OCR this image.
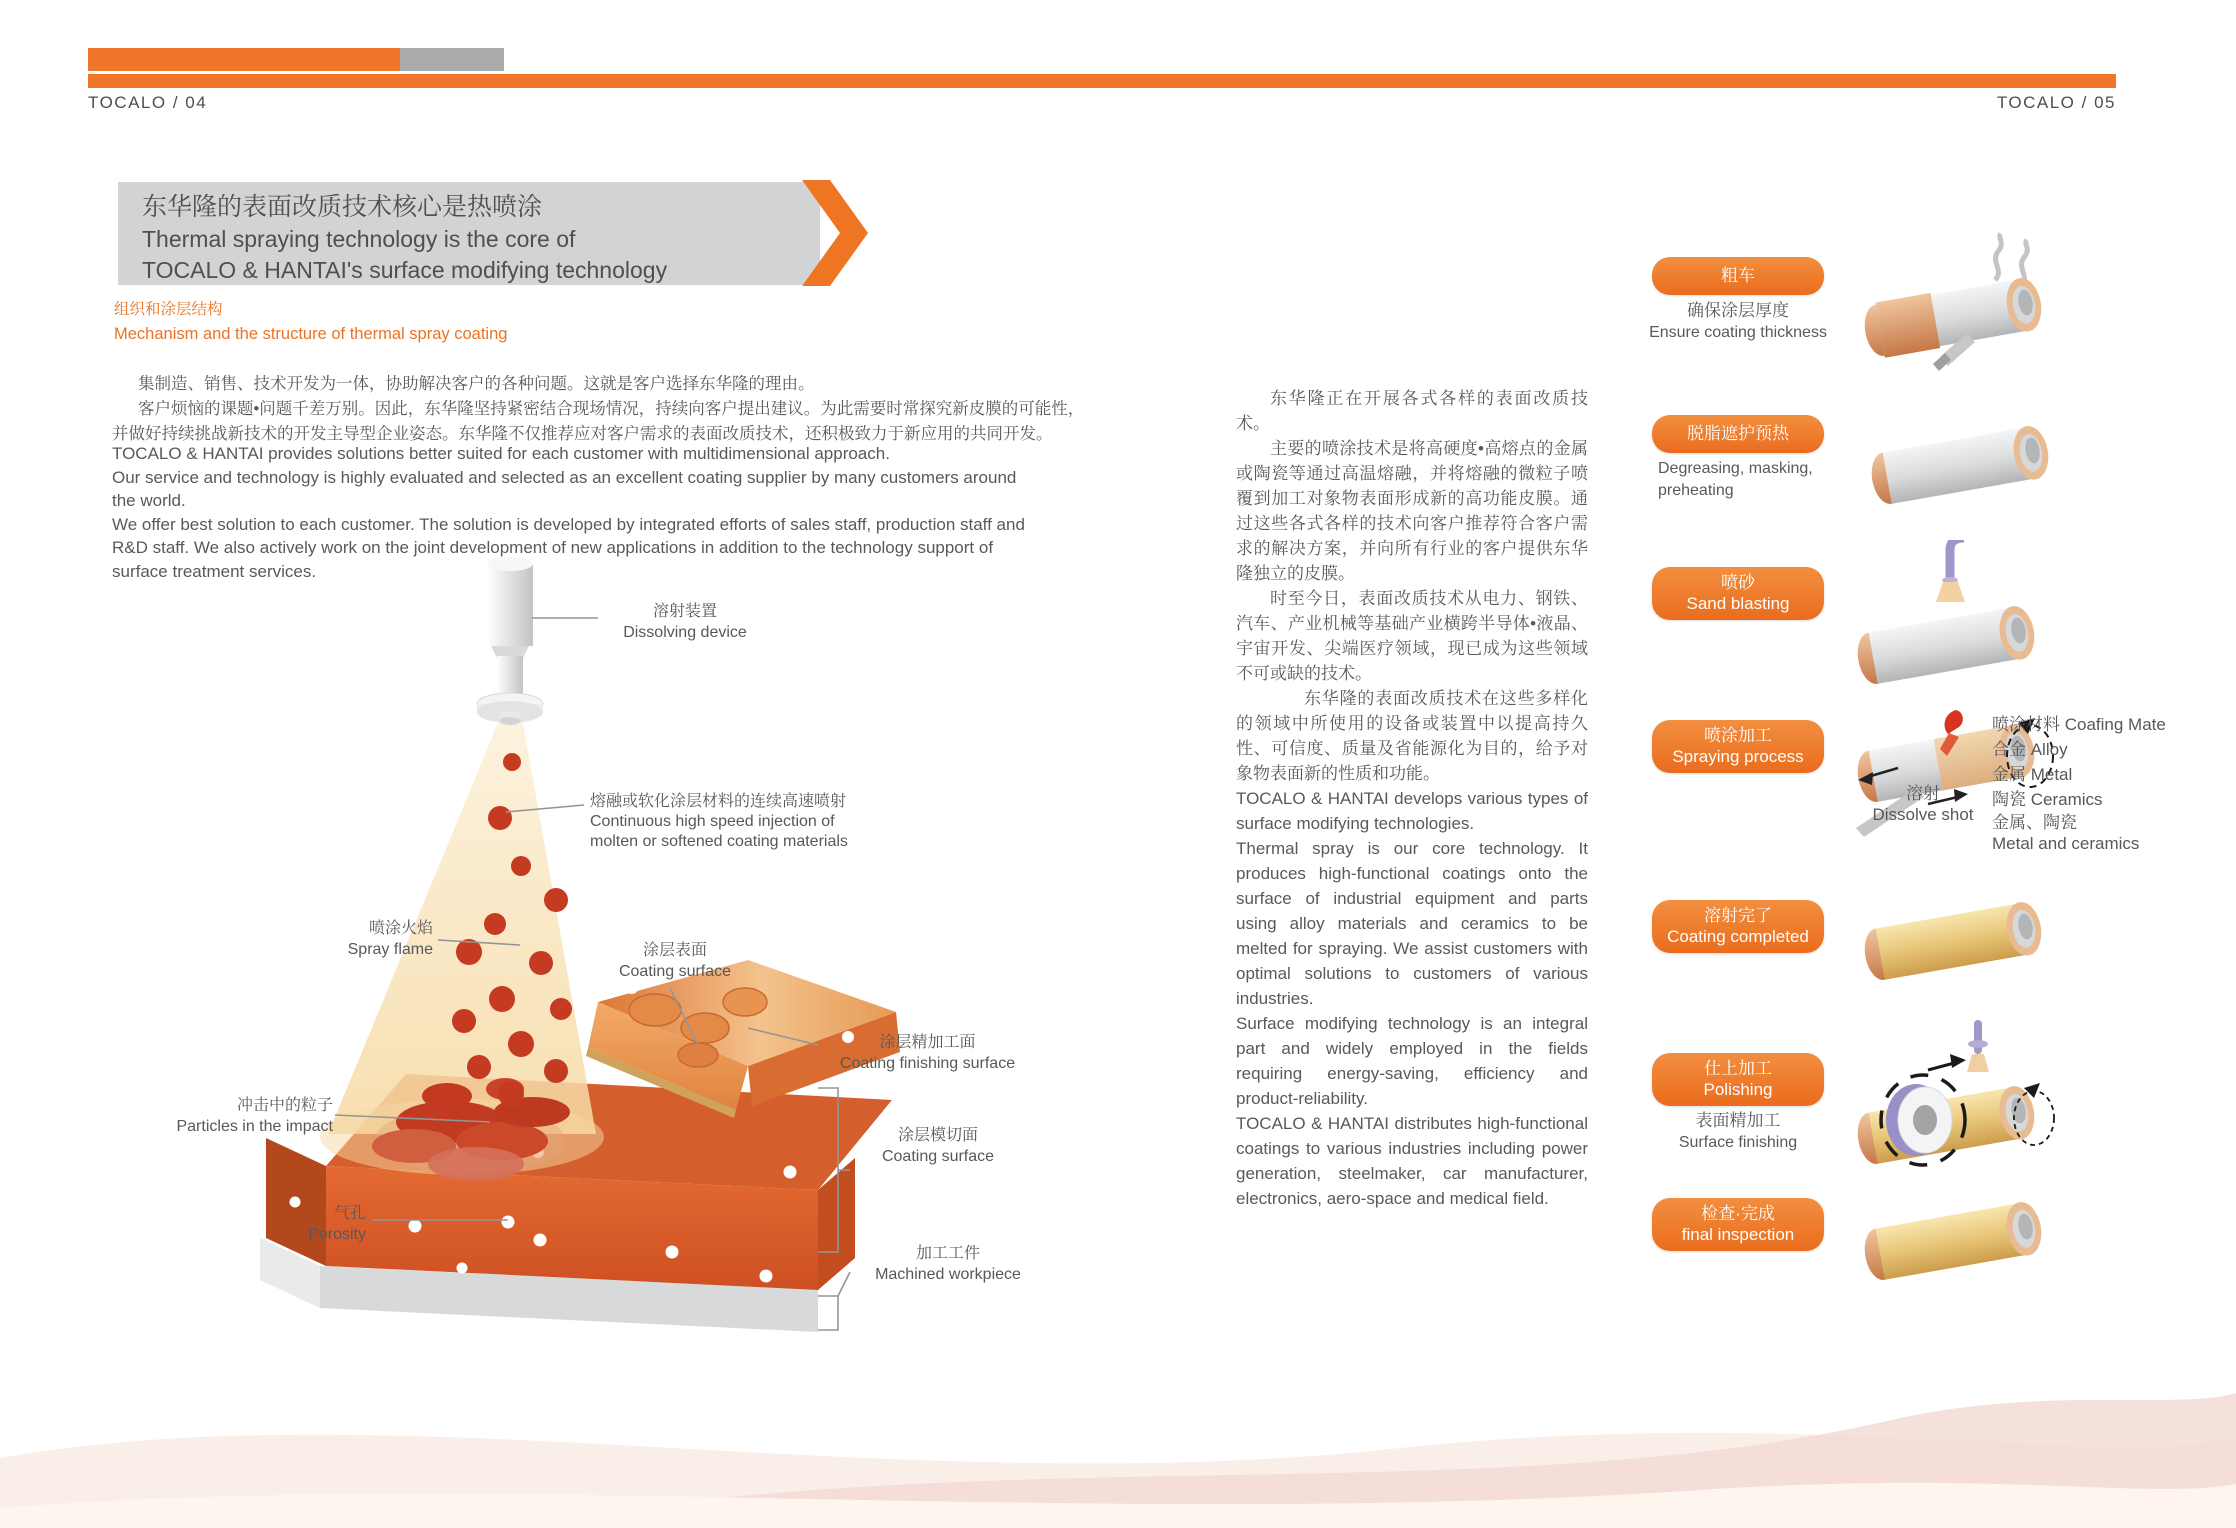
TOCALO / 04	TOCALO / 05
东华隆的表面改质技术核心是热喷涂
Thermal spraying technology is the core of
TOCALO & HANTAI's surface modifying technology
组织和涂层结构
Mechanism and the structure of thermal spray coating
集制造、销售、技术开发为一体，协助解决客户的各种问题。这就是客户选择东华隆的理由。
客户烦恼的课题•问题千差万别。因此，东华隆坚持紧密结合现场情况，持续向客户提出建议。为此需要时常探究新皮膜的可能性，
并做好持续挑战新技术的开发主导型企业姿态。东华隆不仅推荐应对客户需求的表面改质技术，还积极致力于新应用的共同开发。
TOCALO & HANTAI provides solutions better suited for each customer with multidimensional approach.
Our service and technology is highly evaluated and selected as an excellent coating supplier by many customers around
the world.
We offer best solution to each customer. The solution is developed by integrated efforts of sales staff, production staff and
R&D staff. We also actively work on the joint development of new applications in addition to the technology support of
surface treatment services.
溶射装置
Dissolving device
熔融或软化涂层材料的连续高速喷射
Continuous high speed injection of
molten or softened coating materials
喷涂火焰
Spray flame	涂层表面
Coating surface
涂层精加工面
Coating finishing surface
冲击中的粒子
Particles in the impact
涂层模切面
Coating surface
气孔
Porosity
加工工件
Machined workpiece

东华隆正在开展各式各样的表面改质技术。

主要的喷涂技术是将高硬度•高熔点的金属或陶瓷等通过高温熔融，并将熔融的微粒子喷覆到加工对象物表面形成新的高功能皮膜。通过这些各式各样的技术向客户推荐符合客户需求的解决方案，并向所有行业的客户提供东华隆独立的皮膜。

时至今日，表面改质技术从电力、钢铁、汽车、产业机械等基础产业横跨半导体•液晶、宇宙开发、尖端医疗领域，现已成为这些领域不可或缺的技术。

东华隆的表面改质技术在这些多样化的领域中所使用的设备或装置中以提高持久性、可信度、质量及省能源化为目的，给予对象物表面新的性质和功能。

TOCALO & HANTAI develops various types of surface modifying technologies.

Thermal spray is our core technology. It produces high-functional coatings onto the surface of industrial equipment and parts using alloy materials and ceramics to be melted for spraying. We assist customers with optimal solutions to customers of various industries.

Surface modifying technology is an integral part and widely employed in the fields requiring energy-saving, efficiency and product-reliability.

TOCALO & HANTAI distributes high-functional coatings to various industries including power generation, steelmaker, car manufacturer, electronics, aero-space and medical field.

粗车
确保涂层厚度
Ensure coating thickness
脱脂遮护预热
Degreasing, masking,
preheating
喷砂
Sand blasting
喷涂加工
Spraying process
溶射
Dissolve shot
喷涂材料 Coafing Mate
合金 Alloy
金属 Metal
陶瓷 Ceramics
金属、陶瓷
Metal and ceramics
溶射完了
Coating completed
仕上加工
Polishing
表面精加工
Surface finishing
检查·完成
final inspection
